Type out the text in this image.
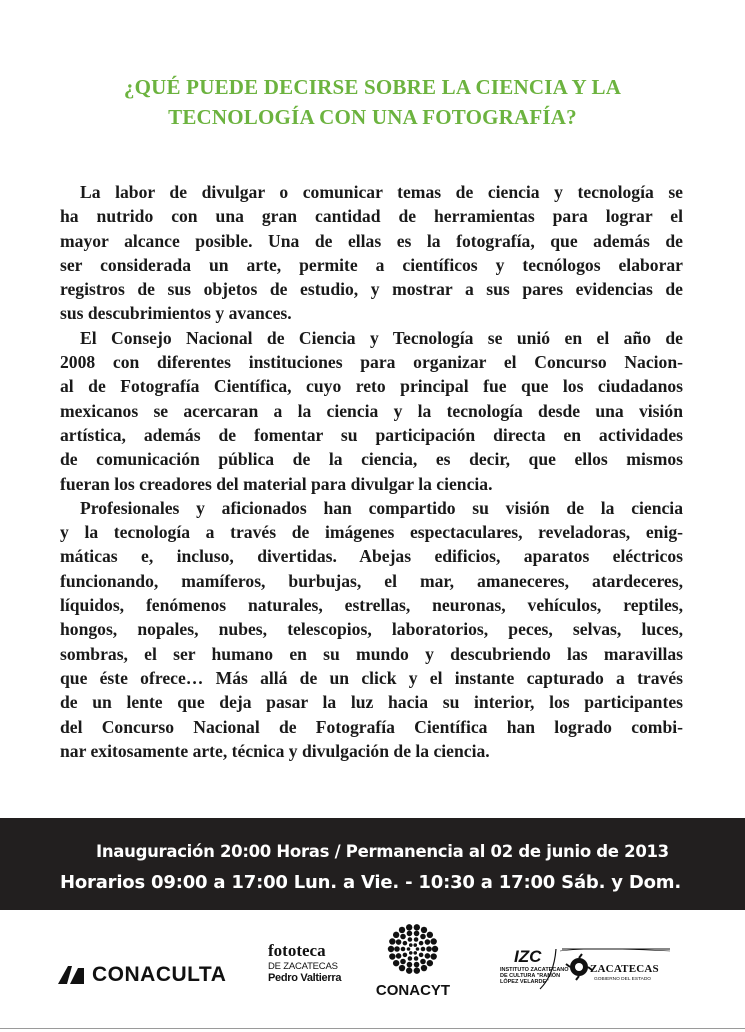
¿QUÉ PUEDE DECIRSE SOBRE LA CIENCIA Y LA
TECNOLOGÍA CON UNA FOTOGRAFÍA?
La labor de divulgar o comunicar temas de ciencia y tecnología se
ha nutrido con una gran cantidad de herramientas para lograr el
mayor alcance posible. Una de ellas es la fotografía, que además de
ser considerada un arte, permite a científicos y tecnólogos elaborar
registros de sus objetos de estudio, y mostrar a sus pares evidencias de
sus descubrimientos y avances.
El Consejo Nacional de Ciencia y Tecnología se unió en el año de
2008 con diferentes instituciones para organizar el Concurso Nacion-
al de Fotografía Científica, cuyo reto principal fue que los ciudadanos
mexicanos se acercaran a la ciencia y la tecnología desde una visión
artística, además de fomentar su participación directa en actividades
de comunicación pública de la ciencia, es decir, que ellos mismos
fueran los creadores del material para divulgar la ciencia.
Profesionales y aficionados han compartido su visión de la ciencia
y la tecnología a través de imágenes espectaculares, reveladoras, enig-
máticas e, incluso, divertidas. Abejas edificios, aparatos eléctricos
funcionando, mamíferos, burbujas, el mar, amaneceres, atardeceres,
líquidos, fenómenos naturales, estrellas, neuronas, vehículos, reptiles,
hongos, nopales, nubes, telescopios, laboratorios, peces, selvas, luces,
sombras, el ser humano en su mundo y descubriendo las maravillas
que éste ofrece… Más allá de un click y el instante capturado a través
de un lente que deja pasar la luz hacia su interior, los participantes
del Concurso Nacional de Fotografía Científica han logrado combi-
nar exitosamente arte, técnica y divulgación de la ciencia.
Inauguración 20:00 Horas / Permanencia al 02 de junio de 2013
Horarios 09:00 a 17:00 Lun. a Vie. - 10:30 a 17:00 Sáb. y Dom.
CONACULTA
fototeca
DE ZACATECAS
Pedro Valtierra
CONACYT
IZC
INSTITUTO ZACATECANO DE CULTURA "RAMÓN LÓPEZ VELARDE"
ZACATECAS
GOBIERNO DEL ESTADO
